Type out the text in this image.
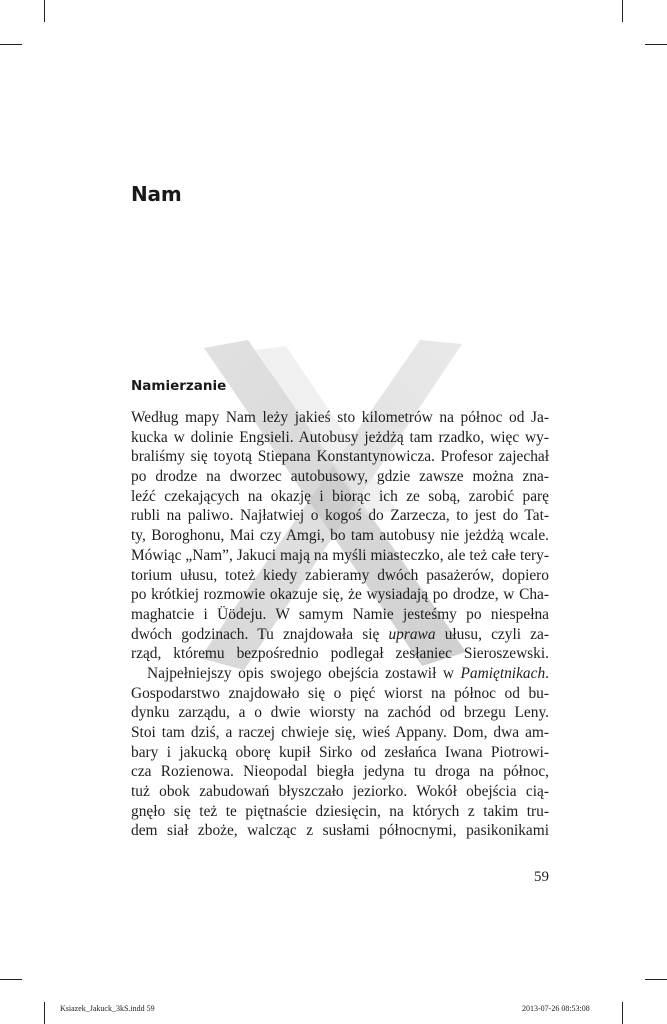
Nam
Namierzanie
Według mapy Nam leży jakieś sto kilometrów na północ od Ja-
kucka w dolinie Engsieli. Autobusy jeżdżą tam rzadko, więc wy-
braliśmy się toyotą Stiepana Konstantynowicza. Profesor zajechał
po drodze na dworzec autobusowy, gdzie zawsze można zna-
leźć czekających na okazję i biorąc ich ze sobą, zarobić parę
rubli na paliwo. Najłatwiej o kogoś do Zarzecza, to jest do Tat-
ty, Boroghonu, Mai czy Amgi, bo tam autobusy nie jeżdżą wcale.
Mówiąc „Nam”, Jakuci mają na myśli miasteczko, ale też całe tery-
torium ułusu, toteż kiedy zabieramy dwóch pasażerów, dopiero
po krótkiej rozmowie okazuje się, że wysiadają po drodze, w Cha-
maghatcie i Üödeju. W samym Namie jesteśmy po niespełna
dwóch godzinach. Tu znajdowała się uprawa ułusu, czyli za-
rząd, któremu bezpośrednio podlegał zesłaniec Sieroszewski.
Najpełniejszy opis swojego obejścia zostawił w Pamiętnikach.
Gospodarstwo znajdowało się o pięć wiorst na północ od bu-
dynku zarządu, a o dwie wiorsty na zachód od brzegu Leny.
Stoi tam dziś, a raczej chwieje się, wieś Appany. Dom, dwa am-
bary i jakucką oborę kupił Sirko od zesłańca Iwana Piotrowi-
cza Rozienowa. Nieopodal biegła jedyna tu droga na północ,
tuż obok zabudowań błyszczało jeziorko. Wokół obejścia cią-
gnęło się też te piętnaście dziesięcin, na których z takim tru-
dem siał zboże, walcząc z susłami północnymi, pasikonikami
59
Ksiazek_Jakuck_3kS.indd 59	2013-07-26 08:53:08
